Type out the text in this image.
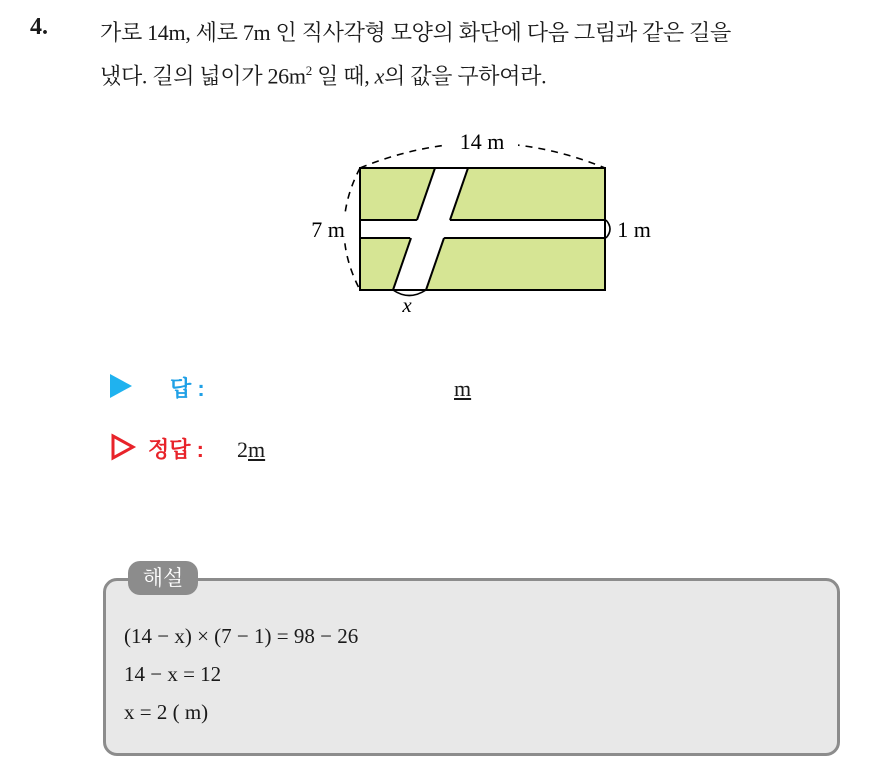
4. 가로 14m, 세로 7m 인 직사각형 모양의 화단에 다음 그림과 같은 길을
냈다. 길의 넓이가 $26m^2$ 일 때, x의 값을 구하여라.
14 m
7 m	1 m
x
답 :	m
정답 : 2m
해설
(14 − x) × (7 − 1) = 98 − 26
14 − x = 12
x = 2 ( m)
